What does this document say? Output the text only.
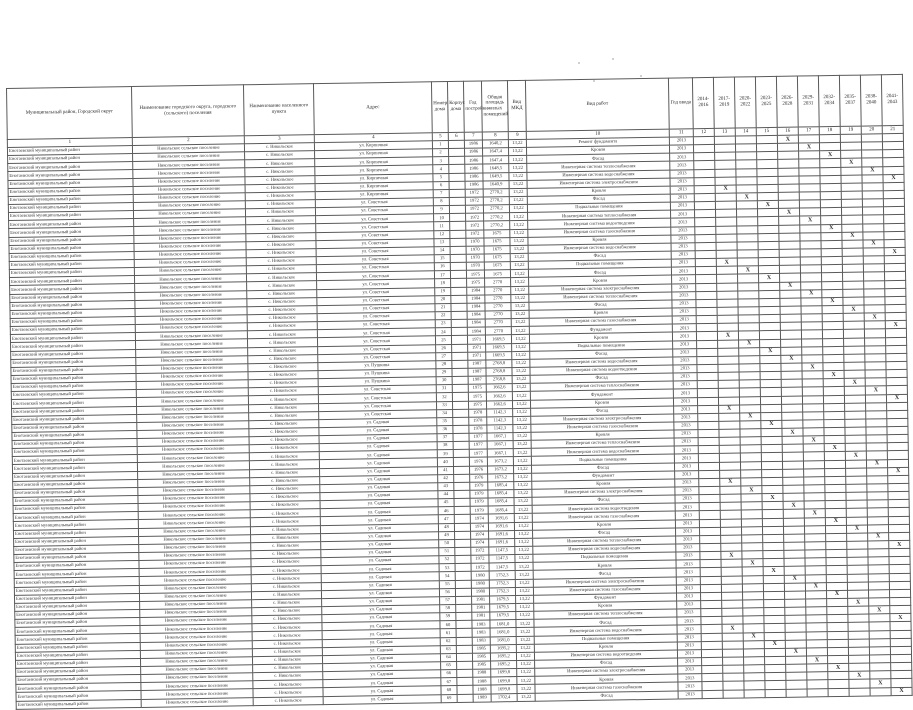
Муниципальный район, Городской округ	Наименование городского округа, городского (сельского) поселения	Наименование населенного пункта	Адрес	Номер дома	Корпус дома	Год постройки	Общая площадь жилых помещений	Вид МКД	Вид работ	Год ввода	2014-2016	2017-2019	2020-2022	2023-2025	2026-2028	2029-2031	2032-2034	2035-2037	2038-2040	2041-2043
1	2	3	4	5	6	7	8	9	10	11	12	13	14	15	16	17	18	19	20	21
Енотаевский муниципальный район	Никольское сельское поселение	с. Никольское	ул. Кирпичная	1		1986	1640,2	13,22	Ремонт фундамента	2013					X					
Енотаевский муниципальный район	Никольское сельское поселение	с. Никольское	ул. Кирпичная	2		1986	1647,4	13,22	Кровля	2013						X				
Енотаевский муниципальный район	Никольское сельское поселение	с. Никольское	ул. Кирпичная	3		1986	1647,4	13,22	Фасад	2013							X			
Енотаевский муниципальный район	Никольское сельское поселение	с. Никольское	ул. Кирпичная	4		1986	1648,5	13,22	Инженерная система теплоснабжения	2013								X		
Енотаевский муниципальный район	Никольское сельское поселение	с. Никольское	ул. Кирпичная	5		1986	1649,5	13,22	Инженерная система водоснабжения	2013									X	
Енотаевский муниципальный район	Никольское сельское поселение	с. Никольское	ул. Кирпичная	6		1986	1640,9	13,22	Инженерная система электроснабжения	2013										X
Енотаевский муниципальный район	Никольское сельское поселение	с. Никольское	ул. Кирпичная	7		1972	2770,2	13,22	Кровля	2013		X								
Енотаевский муниципальный район	Никольское сельское поселение	с. Никольское	ул. Советская	8		1972	2770,2	13,22	Фасад	2013			X							
Енотаевский муниципальный район	Никольское сельское поселение	с. Никольское	ул. Советская	9		1972	2770,2	13,22	Подвальные помещения	2013				X						
Енотаевский муниципальный район	Никольское сельское поселение	с. Никольское	ул. Советская	10		1972	2770,2	13,22	Инженерная система теплоснабжения	2013					X					
Енотаевский муниципальный район	Никольское сельское поселение	с. Никольское	ул. Советская	11		1972	2770,2	13,22	Инженерная система водоотведения	2013						X				
Енотаевский муниципальный район	Никольское сельское поселение	с. Никольское	ул. Советская	12		1972	1675	13,22	Инженерная система газоснабжения	2013							X			
Енотаевский муниципальный район	Никольское сельское поселение	с. Никольское	ул. Советская	13		1970	1675	13,22	Кровля	2013								X		
Енотаевский муниципальный район	Никольское сельское поселение	с. Никольское	ул. Советская	14		1970	1675	13,22	Инженерная система водоснабжения	2013									X	
Енотаевский муниципальный район	Никольское сельское поселение	с. Никольское	ул. Советская	15		1970	1675	13,22	Фасад	2013										X
Енотаевский муниципальный район	Никольское сельское поселение	с. Никольское	ул. Советская	16		1970	1675	13,22	Подвальные помещения	2013		X								
Енотаевский муниципальный район	Никольское сельское поселение	с. Никольское	ул. Советская	17		1975	1675	13,22	Фасад	2013			X							
Енотаевский муниципальный район	Никольское сельское поселение	с. Никольское	ул. Советская	18		1975	2770	13,22	Кровля	2013				X						
Енотаевский муниципальный район	Никольское сельское поселение	с. Никольское	ул. Советская	19		1984	2770	13,22	Инженерная система электроснабжения	2013					X					
Енотаевский муниципальный район	Никольское сельское поселение	с. Никольское	ул. Советская	20		1984	2770	13,22	Инженерная система теплоснабжения	2013						X				
Енотаевский муниципальный район	Никольское сельское поселение	с. Никольское	ул. Советская	21		1984	2770	13,22	Фасад	2013							X			
Енотаевский муниципальный район	Никольское сельское поселение	с. Никольское	ул. Советская	22		1984	2770	13,22	Кровля	2013								X		
Енотаевский муниципальный район	Никольское сельское поселение	с. Никольское	ул. Советская	23		1984	2770	13,22	Инженерная система газоснабжения	2013									X	
Енотаевский муниципальный район	Никольское сельское поселение	с. Никольское	ул. Советская	24		1984	2770	13,22	Фундамент	2013										X
Енотаевский муниципальный район	Никольское сельское поселение	с. Никольское	ул. Советская	25		1971	1669,5	13,22	Кровля	2013		X								
Енотаевский муниципальный район	Никольское сельское поселение	с. Никольское	ул. Советская	26		1971	1669,5	13,22	Подвальные помещения	2013			X							
Енотаевский муниципальный район	Никольское сельское поселение	с. Никольское	ул. Советская	27		1971	1669,5	13,22	Фасад	2013				X						
Енотаевский муниципальный район	Никольское сельское поселение	с. Никольское	ул. Пушкина	28		1987	2768,8	13,22	Инженерная система водоснабжения	2013					X					
Енотаевский муниципальный район	Никольское сельское поселение	с. Никольское	ул. Пушкина	29		1987	2768,8	13,22	Инженерная система водоотведения	2013						X				
Енотаевский муниципальный район	Никольское сельское поселение	с. Никольское	ул. Пушкина	30		1987	2768,8	13,22	Фасад	2013							X			
Енотаевский муниципальный район	Никольское сельское поселение	с. Никольское	ул. Советская	31		1975	1662,6	13,22	Инженерная система теплоснабжения	2013								X		
Енотаевский муниципальный район	Никольское сельское поселение	с. Никольское	ул. Советская	32		1975	1662,6	13,22	Фундамент	2013									X	
Енотаевский муниципальный район	Никольское сельское поселение	с. Никольское	ул. Советская	33		1975	1662,6	13,22	Кровля	2013										X
Енотаевский муниципальный район	Никольское сельское поселение	с. Никольское	ул. Советская	34		1978	1142,3	13,22	Фасад	2013		X								
Енотаевский муниципальный район	Никольское сельское поселение	с. Никольское	ул. Садовая	35		1978	1142,3	13,22	Инженерная система электроснабжения	2013			X							
Енотаевский муниципальный район	Никольское сельское поселение	с. Никольское	ул. Садовая	36		1978	1142,3	13,22	Инженерная система газоснабжения	2013				X						
Енотаевский муниципальный район	Никольское сельское поселение	с. Никольское	ул. Садовая	37		1977	1667,1	13,22	Кровля	2013					X					
Енотаевский муниципальный район	Никольское сельское поселение	с. Никольское	ул. Садовая	38		1977	1667,1	13,22	Инженерная система теплоснабжения	2013						X				
Енотаевский муниципальный район	Никольское сельское поселение	с. Никольское	ул. Садовая	39		1977	1667,1	13,22	Инженерная система водоснабжения	2013							X			
Енотаевский муниципальный район	Никольское сельское поселение	с. Никольское	ул. Садовая	40		1976	1673,2	13,22	Подвальные помещения	2013								X		
Енотаевский муниципальный район	Никольское сельское поселение	с. Никольское	ул. Садовая	41		1976	1673,2	13,22	Фасад	2013									X	
Енотаевский муниципальный район	Никольское сельское поселение	с. Никольское	ул. Садовая	42		1976	1673,2	13,22	Фундамент	2013										X
Енотаевский муниципальный район	Никольское сельское поселение	с. Никольское	ул. Садовая	43		1979	1685,4	13,22	Кровля	2013		X								
Енотаевский муниципальный район	Никольское сельское поселение	с. Никольское	ул. Садовая	44		1979	1685,4	13,22	Инженерная система электроснабжения	2013			X							
Енотаевский муниципальный район	Никольское сельское поселение	с. Никольское	ул. Садовая	45		1979	1685,4	13,22	Фасад	2013				X						
Енотаевский муниципальный район	Никольское сельское поселение	с. Никольское	ул. Садовая	46		1979	1685,4	13,22	Инженерная система водоотведения	2013					X					
Енотаевский муниципальный район	Никольское сельское поселение	с. Никольское	ул. Садовая	47		1974	1691,6	13,22	Инженерная система газоснабжения	2013						X				
Енотаевский муниципальный район	Никольское сельское поселение	с. Никольское	ул. Садовая	48		1974	1691,6	13,22	Кровля	2013							X			
Енотаевский муниципальный район	Никольское сельское поселение	с. Никольское	ул. Садовая	49		1974	1691,6	13,22	Фасад	2013								X		
Енотаевский муниципальный район	Никольское сельское поселение	с. Никольское	ул. Садовая	50		1974	1691,6	13,22	Инженерная система теплоснабжения	2013									X	
Енотаевский муниципальный район	Никольское сельское поселение	с. Никольское	ул. Садовая	51		1972	1147,5	13,22	Инженерная система водоснабжения	2013										X
Енотаевский муниципальный район	Никольское сельское поселение	с. Никольское	ул. Садовая	52		1972	1147,5	13,22	Подвальные помещения	2013		X								
Енотаевский муниципальный район	Никольское сельское поселение	с. Никольское	ул. Садовая	53		1972	1147,5	13,22	Кровля	2013			X							
Енотаевский муниципальный район	Никольское сельское поселение	с. Никольское	ул. Садовая	54		1980	1752,3	13,22	Фасад	2013				X						
Енотаевский муниципальный район	Никольское сельское поселение	с. Никольское	ул. Садовая	55		1980	1752,3	13,22	Инженерная система электроснабжения	2013					X					
Енотаевский муниципальный район	Никольское сельское поселение	с. Никольское	ул. Садовая	56		1980	1752,3	13,22	Инженерная система газоснабжения	2013						X				
Енотаевский муниципальный район	Никольское сельское поселение	с. Никольское	ул. Садовая	57		1981	1679,5	13,22	Фундамент	2013							X			
Енотаевский муниципальный район	Никольское сельское поселение	с. Никольское	ул. Садовая	58		1981	1679,5	13,22	Кровля	2013								X		
Енотаевский муниципальный район	Никольское сельское поселение	с. Никольское	ул. Садовая	59		1981	1679,5	13,22	Инженерная система теплоснабжения	2013									X	
Енотаевский муниципальный район	Никольское сельское поселение	с. Никольское	ул. Садовая	60		1983	1681,0	13,22	Фасад	2013										X
Енотаевский муниципальный район	Никольское сельское поселение	с. Никольское	ул. Садовая	61		1983	1681,0	13,22	Инженерная система водоснабжения	2013		X								
Енотаевский муниципальный район	Никольское сельское поселение	с. Никольское	ул. Садовая	62		1983	1681,0	13,22	Подвальные помещения	2013			X							
Енотаевский муниципальный район	Никольское сельское поселение	с. Никольское	ул. Садовая	63		1985	1695,2	13,22	Кровля	2013				X						
Енотаевский муниципальный район	Никольское сельское поселение	с. Никольское	ул. Садовая	64		1985	1695,2	13,22	Инженерная система водоотведения	2013					X					
Енотаевский муниципальный район	Никольское сельское поселение	с. Никольское	ул. Садовая	65		1985	1695,2	13,22	Фасад	2013						X				
Енотаевский муниципальный район	Никольское сельское поселение	с. Никольское	ул. Садовая	66		1988	1699,8	13,22	Инженерная система электроснабжения	2013							X			
Енотаевский муниципальный район	Никольское сельское поселение	с. Никольское	ул. Садовая	67		1988	1699,8	13,22	Кровля	2013								X		
Енотаевский муниципальный район	Никольское сельское поселение	с. Никольское	ул. Садовая	68		1988	1699,8	13,22	Инженерная система газоснабжения	2013									X	
Енотаевский муниципальный район	Никольское сельское поселение	с. Никольское	ул. Садовая	69		1989	1702,4	13,22	Фасад	2013										X
